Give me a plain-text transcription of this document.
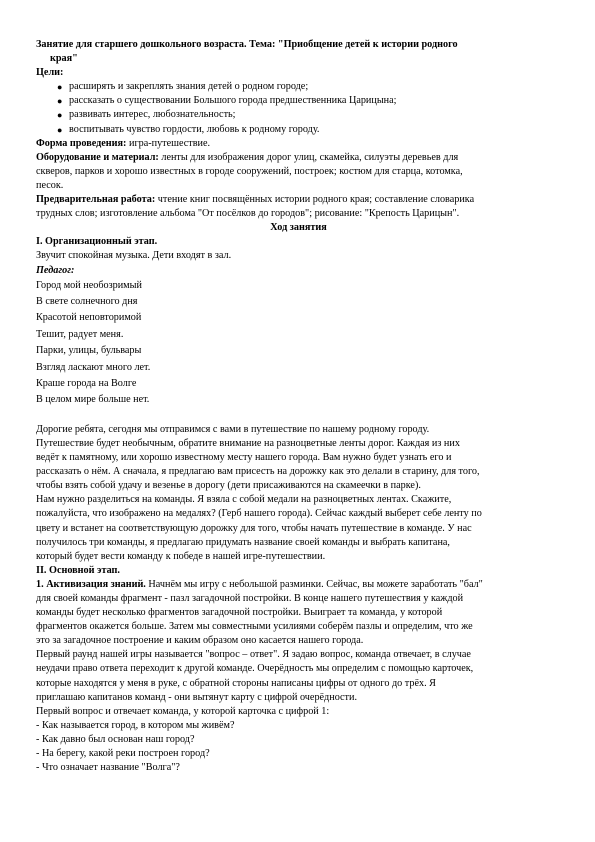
Занятие для старшего дошкольного возраста. Тема: "Приобщение детей к истории родного

края"

Цели:

● расширять и закреплять знания детей о родном городе;
● рассказать о существовании Большого города предшественника Царицына;
● развивать интерес, любознательность;
● воспитывать чувство гордости, любовь к родному городу.

Форма проведения: игра-путешествие.

Оборудование и материал: ленты для изображения дорог улиц, скамейка, силуэты деревьев для

скверов, парков и хорошо известных в городе сооружений, построек; костюм для старца, котомка,

песок.

Предварительная работа: чтение книг посвящённых истории родного края; составление словарика

трудных слов; изготовление альбома "От посёлков до городов"; рисование: "Крепость Царицын".

Ход занятия

I. Организационный этап.

Звучит спокойная музыка. Дети входят в зал.

Педагог:

Город мой необозримый

В свете солнечного дня

Красотой неповторимой

Тешит, радует меня.

Парки, улицы, бульвары

Взгляд ласкают много лет.

Краше города на Волге

В целом мире больше нет.

Дорогие ребята, сегодня мы отправимся с вами в путешествие по нашему родному городу.

Путешествие будет необычным, обратите внимание на разноцветные ленты дорог. Каждая из них

ведёт к памятному, или хорошо известному месту нашего города. Вам нужно будет узнать его и

рассказать о нём. А сначала, я предлагаю вам присесть на дорожку как это делали в старину, для того,

чтобы взять собой удачу и везенье в дорогу (дети присаживаются на скамеечки в парке).

Нам нужно разделиться на команды. Я взяла с собой медали на разноцветных лентах. Скажите,

пожалуйста, что изображено на медалях? (Герб нашего города). Сейчас каждый выберет себе ленту по

цвету и встанет на соответствующую дорожку для того, чтобы начать путешествие в команде. У нас

получилось три команды, я предлагаю придумать название своей команды и выбрать капитана,

который будет вести команду к победе в нашей игре-путешествии.

II. Основной этап.

1. Активизация знаний. Начнём мы игру с небольшой разминки. Сейчас, вы можете заработать "бал"

для своей команды фрагмент - пазл загадочной постройки. В конце нашего путешествия у каждой

команды будет несколько фрагментов загадочной постройки. Выиграет та команда, у которой

фрагментов окажется больше. Затем мы совместными усилиями соберём пазлы и определим, что же

это за загадочное построение и каким образом оно касается нашего города.

Первый раунд нашей игры называется "вопрос – ответ". Я задаю вопрос, команда отвечает, в случае

неудачи право ответа переходит к другой команде. Очерёдность мы определим с помощью карточек,

которые находятся у меня в руке, с обратной стороны написаны цифры от одного до трёх. Я

приглашаю капитанов команд - они вытянут карту с цифрой очерёдности.

Первый вопрос и отвечает команда, у которой карточка с цифрой 1:

- Как называется город, в котором мы живём?

- Как давно был основан наш город?

- На берегу, какой реки построен город?

- Что означает название "Волга"?
